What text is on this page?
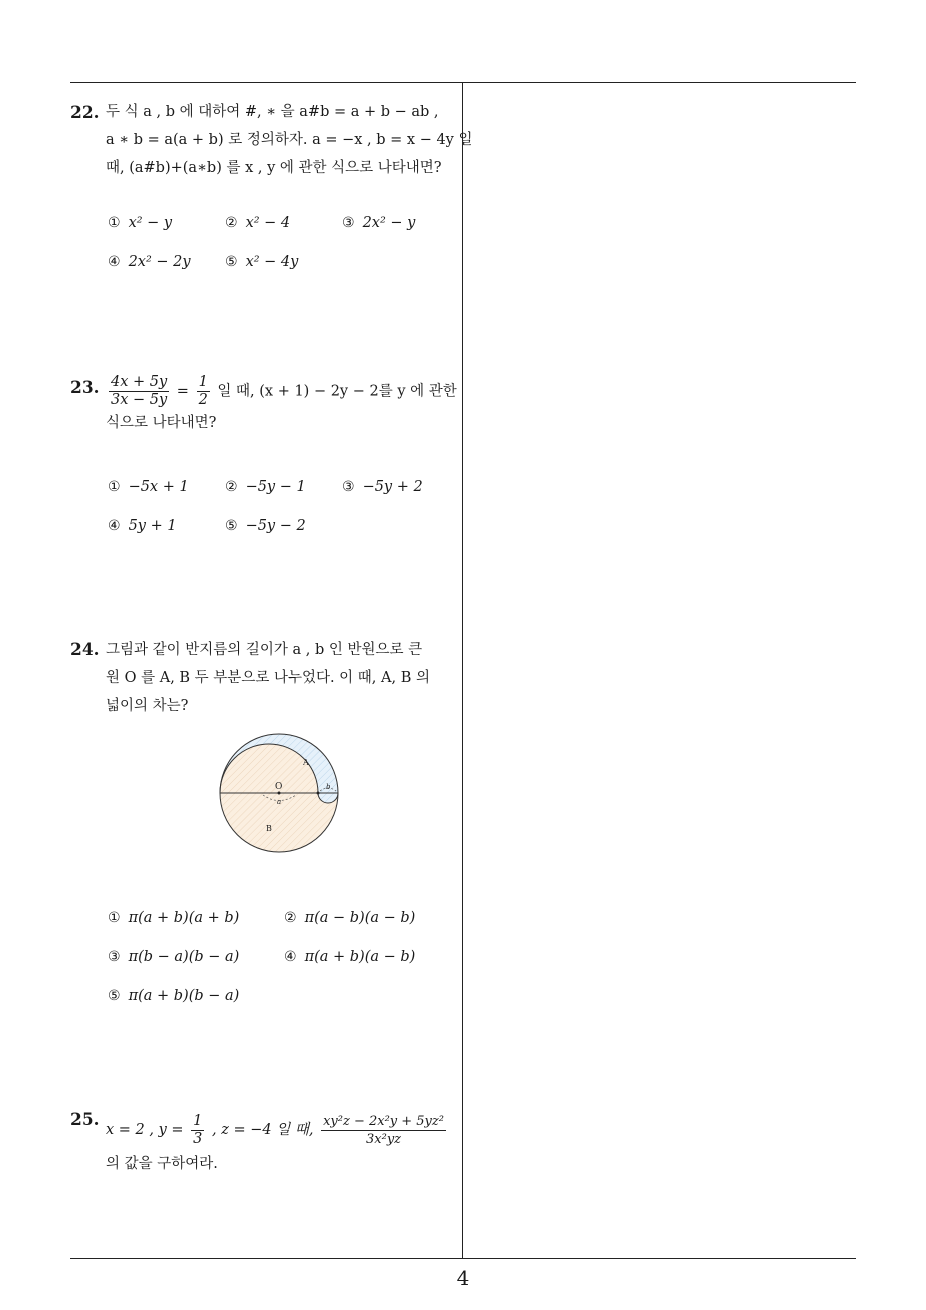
22. 두 식 a , b 에 대하여 #, ∗ 을 a#b = a + b − ab ,
a ∗ b = a(a + b) 로 정의하자. a = −x , b = x − 4y 일
때, (a#b)+(a∗b) 를 x , y 에 관한 식으로 나타내면?
① x² − y	② x² − 4	③ 2x² − y
④ 2x² − 2y ⑤ x² − 4y
23. $\frac{4x + 5y}{3x - 5y} = \frac{1}{2}$ 일 때, (x + 1) − 2y − 2를 y 에 관한
식으로 나타내면?
① −5x + 1	② −5y − 1	③ −5y + 2
④ 5y + 1	⑤ −5y − 2
24. 그림과 같이 반지름의 길이가 a , b 인 반원으로 큰
원 O 를 A, B 두 부분으로 나누었다. 이 때, A, B 의
넓이의 차는?
① π(a + b)(a + b)	② π(a − b)(a − b)
③ π(b − a)(b − a)	④ π(a + b)(a − b)
⑤ π(a + b)(b − a)
O
A
B
a
b
25. x = 2 , $y = \frac{1}{3}$ , z = −4 일 때, $\frac{\text{xy²z − 2x²y + 5yz²}}{\text{3x²yz}}$
의 값을 구하여라.
4
